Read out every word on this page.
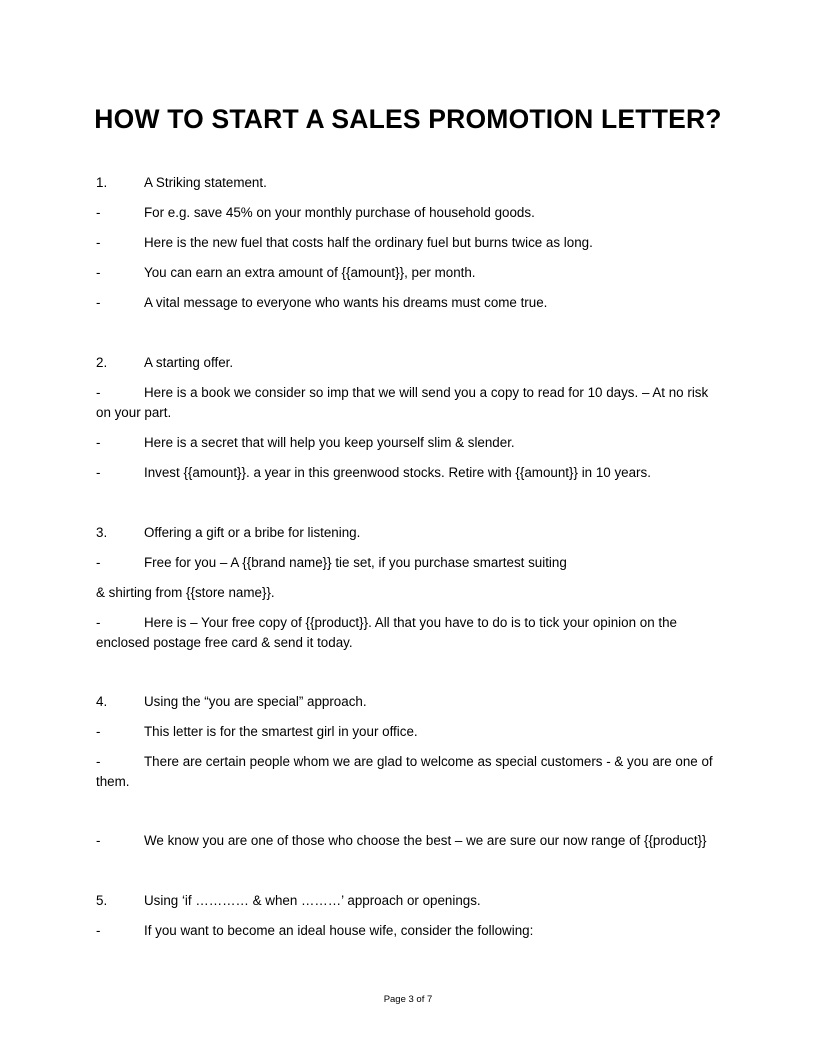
HOW TO START A SALES PROMOTION LETTER?
1.	A Striking statement.
-	For e.g. save 45% on your monthly purchase of household goods.
-	Here is the new fuel that costs half the ordinary fuel but burns twice as long.
-	You can earn an extra amount of {{amount}}, per month.
-	A vital message to everyone who wants his dreams must come true.
2.	A starting offer.
-	Here is a book we consider so imp that we will send you a copy to read for 10 days. – At no risk on your part.
-	Here is a secret that will help you keep yourself slim & slender.
-	Invest {{amount}}. a year in this greenwood stocks. Retire with {{amount}} in 10 years.
3.	Offering a gift or a bribe for listening.
-	Free for you – A {{brand name}} tie set, if you purchase smartest suiting
& shirting from {{store name}}.
-	Here is – Your free copy of {{product}}. All that you have to do is to tick your opinion on the enclosed postage free card & send it today.
4.	Using the “you are special” approach.
-	This letter is for the smartest girl in your office.
-	There are certain people whom we are glad to welcome as special customers - & you are one of them.
-	We know you are one of those who choose the best – we are sure our now range of {{product}}
5.	Using ‘if ………… & when ………’ approach or openings.
-	If you want to become an ideal house wife, consider the following:
Page 3 of 7
